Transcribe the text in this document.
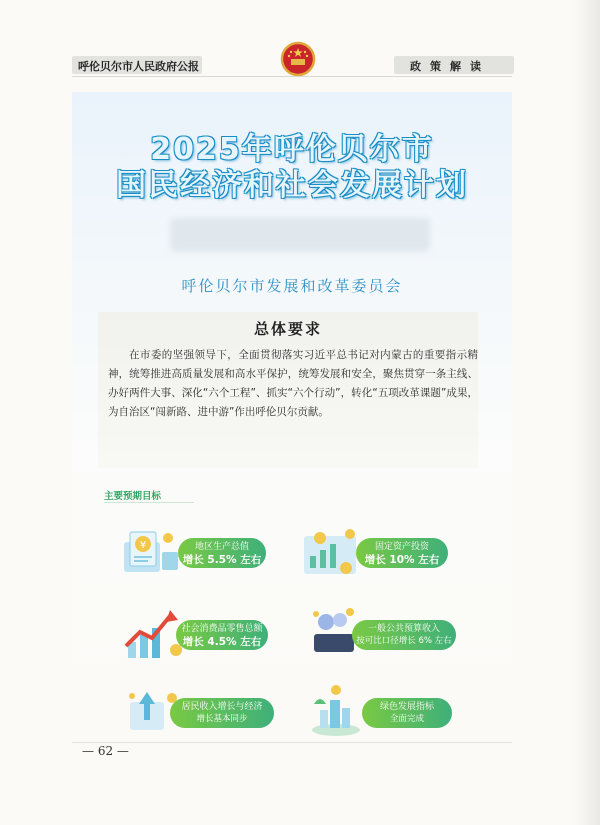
呼伦贝尔市人民政府公报	政策解读
2025年呼伦贝尔市
国民经济和社会发展计划
呼伦贝尔市发展和改革委员会
总体要求

在市委的坚强领导下，全面贯彻落实习近平总书记对内蒙古的重要指示精神，统筹推进高质量发展和高水平保护，统筹发展和安全，聚焦贯穿一条主线、办好两件大事、深化“六个工程”、抓实“六个行动”，转化“五项改革课题”成果，为自治区“闯新路、进中游”作出呼伦贝尔贡献。

主要预期目标
¥	地区生产总值
增长 5.5% 左右
固定资产投资
增长 10% 左右
社会消费品零售总额
增长 4.5% 左右
一般公共预算收入
按可比口径增长 6% 左右
居民收入增长与经济
增长基本同步
绿色发展指标
全面完成
— 62 —
